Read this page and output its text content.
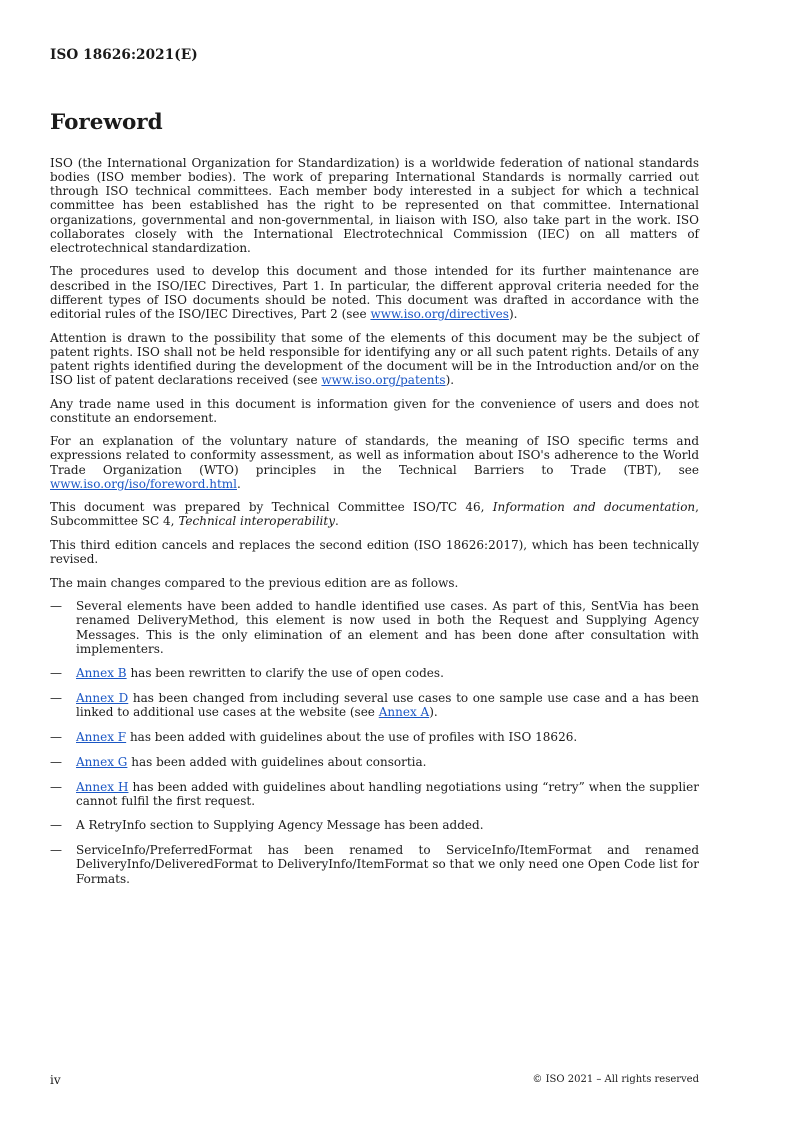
ISO 18626:2021(E)
Foreword

ISO (the International Organization for Standardization) is a worldwide federation of national standards bodies (ISO member bodies). The work of preparing International Standards is normally carried out through ISO technical committees. Each member body interested in a subject for which a technical committee has been established has the right to be represented on that committee. International organizations, governmental and non-governmental, in liaison with ISO, also take part in the work. ISO collaborates closely with the International Electrotechnical Commission (IEC) on all matters of electrotechnical standardization.

The procedures used to develop this document and those intended for its further maintenance are described in the ISO/IEC Directives, Part 1. In particular, the different approval criteria needed for the different types of ISO documents should be noted. This document was drafted in accordance with the editorial rules of the ISO/IEC Directives, Part 2 (see www.iso.org/directives).

Attention is drawn to the possibility that some of the elements of this document may be the subject of patent rights. ISO shall not be held responsible for identifying any or all such patent rights. Details of any patent rights identified during the development of the document will be in the Introduction and/or on the ISO list of patent declarations received (see www.iso.org/patents).

Any trade name used in this document is information given for the convenience of users and does not constitute an endorsement.

For an explanation of the voluntary nature of standards, the meaning of ISO specific terms and expressions related to conformity assessment, as well as information about ISO's adherence to the World Trade Organization (WTO) principles in the Technical Barriers to Trade (TBT), see www.iso.org/iso/foreword.html.

This document was prepared by Technical Committee ISO/TC 46, Information and documentation, Subcommittee SC 4, Technical interoperability.

This third edition cancels and replaces the second edition (ISO 18626:2017), which has been technically revised.

The main changes compared to the previous edition are as follows.

—	Several elements have been added to handle identified use cases. As part of this, SentVia has been renamed DeliveryMethod, this element is now used in both the Request and Supplying Agency Messages. This is the only elimination of an element and has been done after consultation with implementers.
—	Annex B has been rewritten to clarify the use of open codes.
—	Annex D has been changed from including several use cases to one sample use case and a has been linked to additional use cases at the website (see Annex A).
—	Annex F has been added with guidelines about the use of profiles with ISO 18626.
—	Annex G has been added with guidelines about consortia.
—	Annex H has been added with guidelines about handling negotiations using “retry” when the supplier cannot fulfil the first request.
—	A RetryInfo section to Supplying Agency Message has been added.
—	ServiceInfo/PreferredFormat has been renamed to ServiceInfo/ItemFormat and renamed DeliveryInfo/DeliveredFormat to DeliveryInfo/ItemFormat so that we only need one Open Code list for Formats.
iv	© ISO 2021 – All rights reserved
